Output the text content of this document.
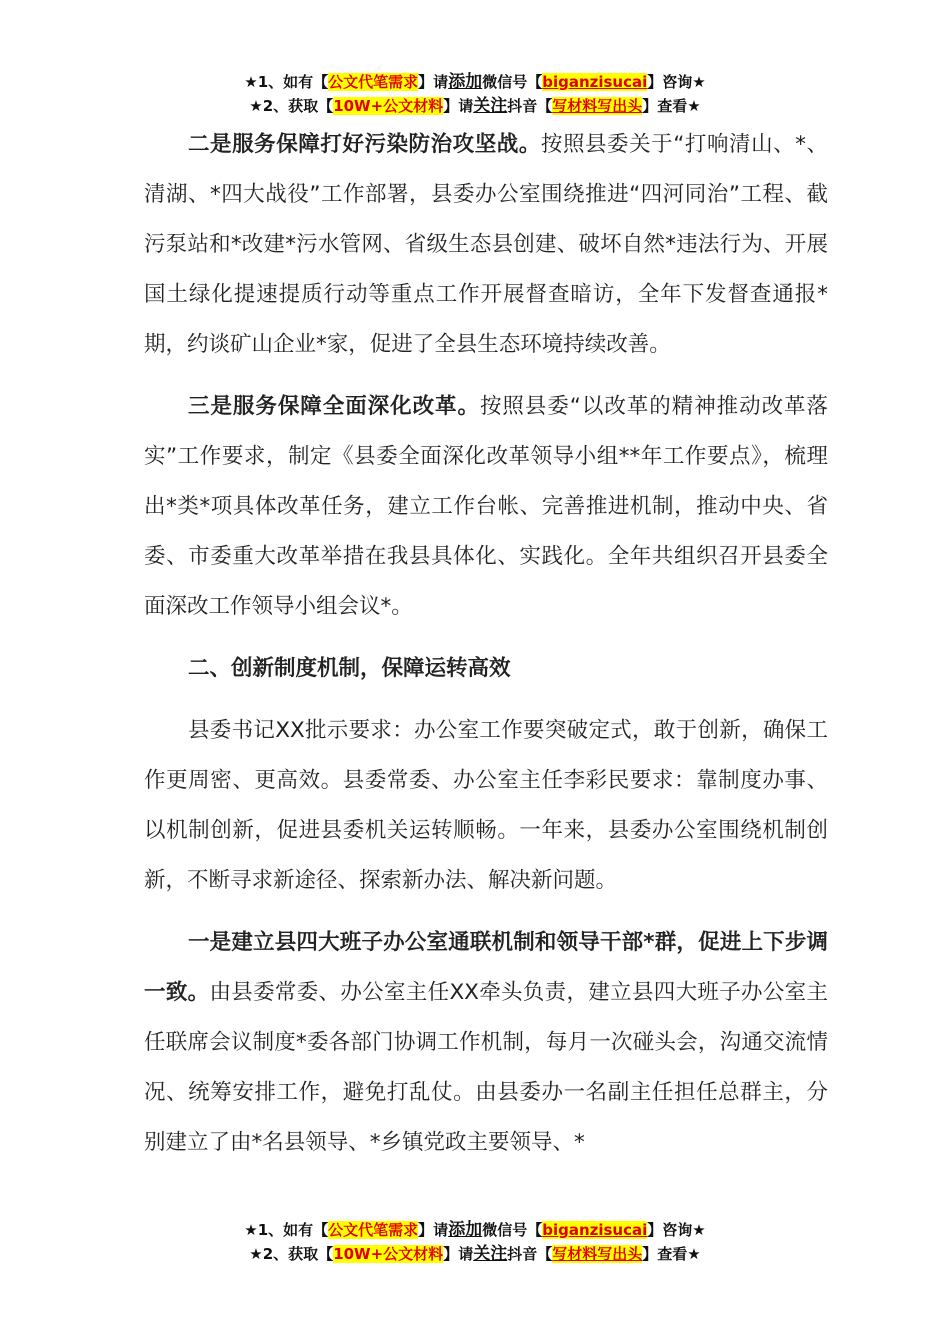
★1、如有【公文代笔需求】请添加微信号【biganzisucai】咨询★
★2、获取【10W+公文材料】请关注抖音【写材料写出头】查看★

二是服务保障打好污染防治攻坚战。按照县委关于“打响清山、*、清湖、*四大战役”工作部署，县委办公室围绕推进“四河同治”工程、截污泵站和*改建*污水管网、省级生态县创建、破坏自然*违法行为、开展国土绿化提速提质行动等重点工作开展督查暗访，全年下发督查通报*期，约谈矿山企业*家，促进了全县生态环境持续改善。

三是服务保障全面深化改革。按照县委“以改革的精神推动改革落实”工作要求，制定《县委全面深化改革领导小组**年工作要点》，梳理出*类*项具体改革任务，建立工作台帐、完善推进机制，推动中央、省委、市委重大改革举措在我县具体化、实践化。全年共组织召开县委全面深改工作领导小组会议*。

二、创新制度机制，保障运转高效

县委书记XX批示要求：办公室工作要突破定式，敢于创新，确保工作更周密、更高效。县委常委、办公室主任李彩民要求：靠制度办事、以机制创新，促进县委机关运转顺畅。一年来，县委办公室围绕机制创新，不断寻求新途径、探索新办法、解决新问题。

一是建立县四大班子办公室通联机制和领导干部*群，促进上下步调一致。由县委常委、办公室主任XX牵头负责，建立县四大班子办公室主任联席会议制度*委各部门协调工作机制，每月一次碰头会，沟通交流情况、统筹安排工作，避免打乱仗。由县委办一名副主任担任总群主，分别建立了由*名县领导、*乡镇党政主要领导、*

★1、如有【公文代笔需求】请添加微信号【biganzisucai】咨询★
★2、获取【10W+公文材料】请关注抖音【写材料写出头】查看★
